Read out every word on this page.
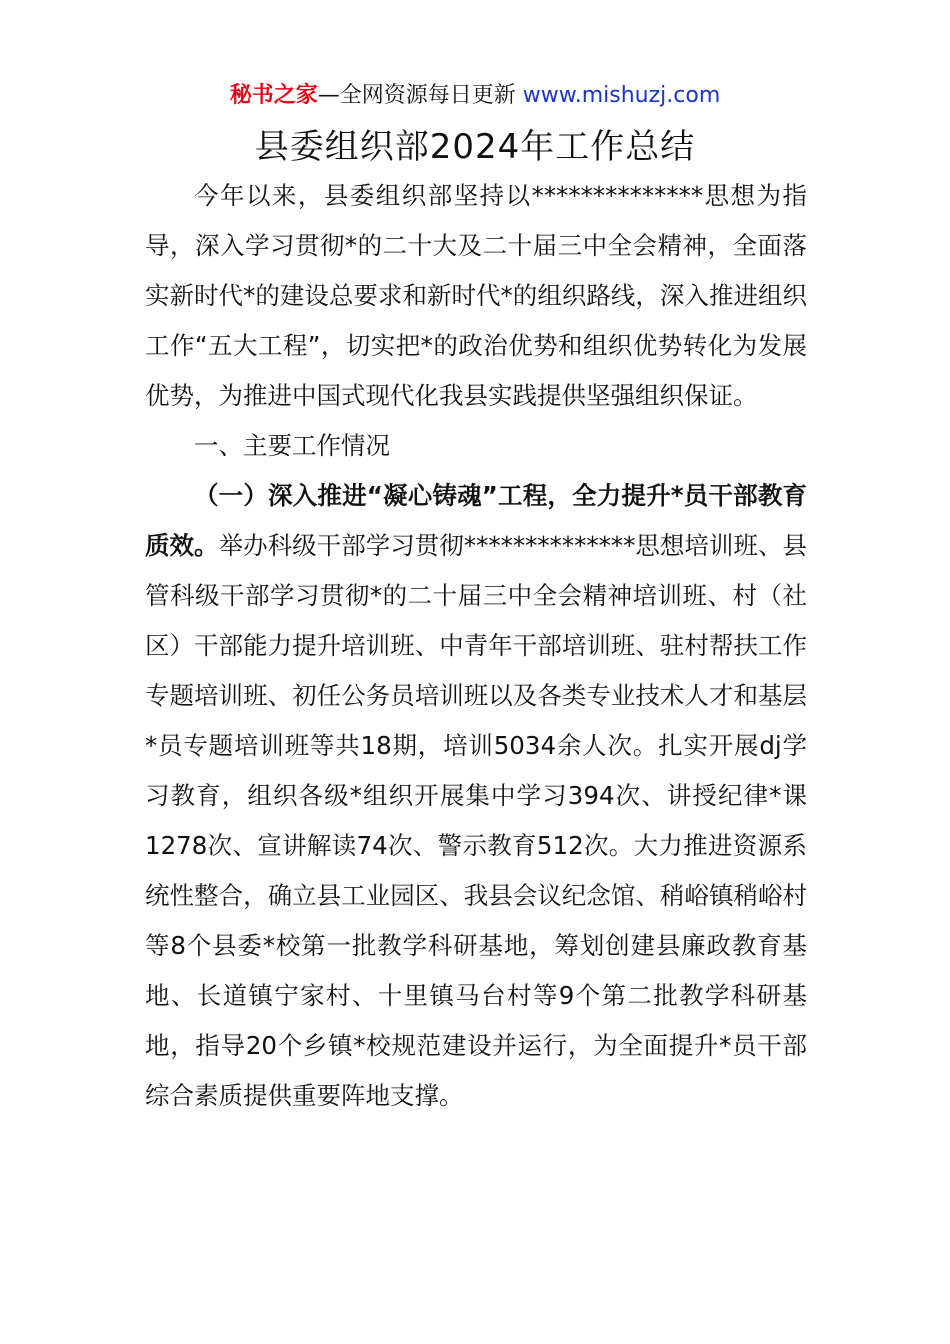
秘书之家—全网资源每日更新 www.mishuzj.com
县委组织部2024年工作总结

今年以来，县委组织部坚持以**************思想为指导，深入学习贯彻*的二十大及二十届三中全会精神，全面落实新时代*的建设总要求和新时代*的组织路线，深入推进组织工作“五大工程”，切实把*的政治优势和组织优势转化为发展优势，为推进中国式现代化我县实践提供坚强组织保证。

一、主要工作情况

（一）深入推进“凝心铸魂”工程，全力提升*员干部教育质效。举办科级干部学习贯彻**************思想培训班、县管科级干部学习贯彻*的二十届三中全会精神培训班、村（社区）干部能力提升培训班、中青年干部培训班、驻村帮扶工作专题培训班、初任公务员培训班以及各类专业技术人才和基层*员专题培训班等共18期，培训5034余人次。扎实开展dj学习教育，组织各级*组织开展集中学习394次、讲授纪律*课1278次、宣讲解读74次、警示教育512次。大力推进资源系统性整合，确立县工业园区、我县会议纪念馆、稍峪镇稍峪村等8个县委*校第一批教学科研基地，筹划创建县廉政教育基地、长道镇宁家村、十里镇马台村等9个第二批教学科研基地，指导20个乡镇*校规范建设并运行，为全面提升*员干部综合素质提供重要阵地支撑。
